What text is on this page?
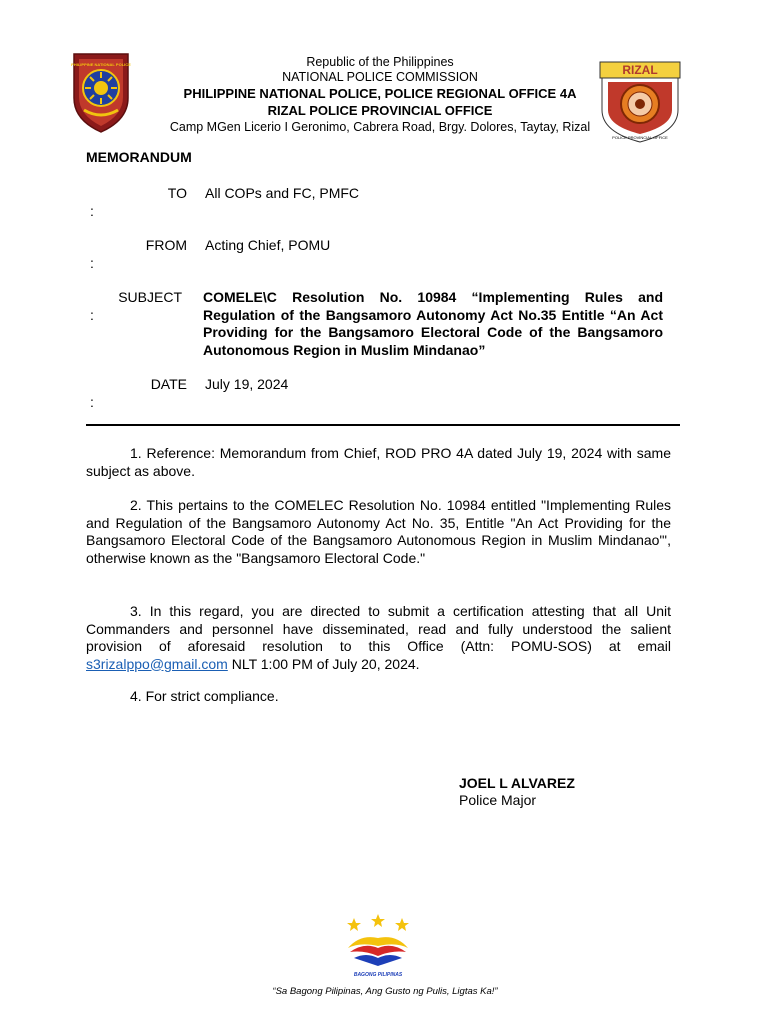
PHILIPPINE NATIONAL POLICE	Republic of the Philippines
NATIONAL POLICE COMMISSION
PHILIPPINE NATIONAL POLICE, POLICE REGIONAL OFFICE 4A
RIZAL POLICE PROVINCIAL OFFICE
Camp MGen Licerio I Geronimo, Cabrera Road, Brgy. Dolores, Taytay, Rizal
RIZAL
POLICE PROVINCIAL OFFICE
MEMORANDUM
TO
:
All COPs and FC, PMFC
FROM
:
Acting Chief, POMU
SUBJECT
:
COMELE\C Resolution No. 10984 “Implementing Rules and Regulation of the Bangsamoro Autonomy Act No.35 Entitle “An Act Providing for the Bangsamoro Electoral Code of the Bangsamoro Autonomous Region in Muslim Mindanao”
DATE
:
July 19, 2024
1. Reference: Memorandum from Chief, ROD PRO 4A dated July 19, 2024 with same subject as above.
2. This pertains to the COMELEC Resolution No. 10984 entitled "Implementing Rules and Regulation of the Bangsamoro Autonomy Act No. 35, Entitle "An Act Providing for the Bangsamoro Electoral Code of the Bangsamoro Autonomous Region in Muslim Mindanao"', otherwise known as the "Bangsamoro Electoral Code."
3. In this regard, you are directed to submit a certification attesting that all Unit Commanders and personnel have disseminated, read and fully understood the salient provision of aforesaid resolution to this Office (Attn: POMU-SOS) at email s3rizalppo@gmail.com NLT 1:00 PM of July 20, 2024.
4. For strict compliance.
JOEL L ALVAREZ
Police Major
BAGONG PILIPINAS
“Sa Bagong Pilipinas, Ang Gusto ng Pulis, Ligtas Ka!”
